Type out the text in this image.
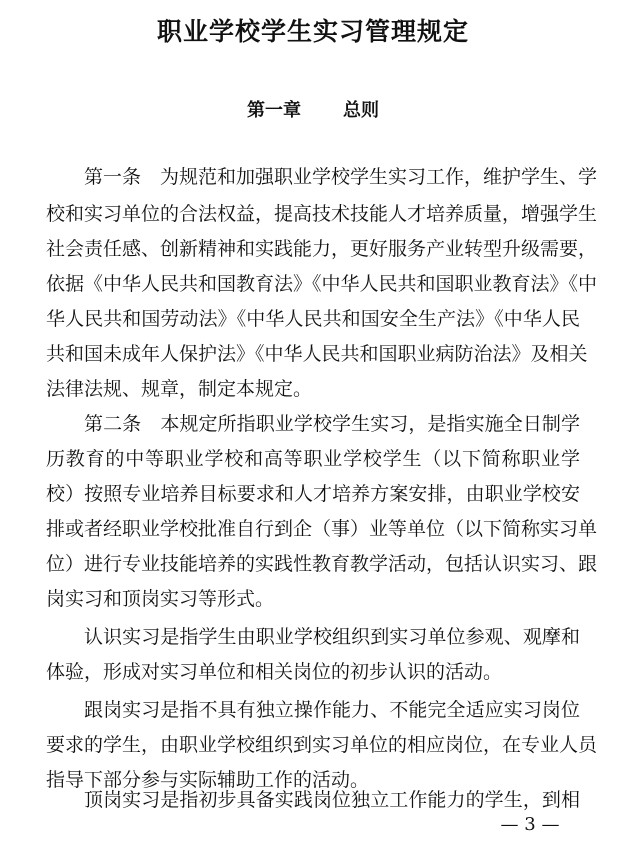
职业学校学生实习管理规定
第一章 总则
第一条　为规范和加强职业学校学生实习工作，维护学生、学
校和实习单位的合法权益，提高技术技能人才培养质量，增强学生
社会责任感、创新精神和实践能力，更好服务产业转型升级需要，
依据《中华人民共和国教育法》《中华人民共和国职业教育法》《中
华人民共和国劳动法》《中华人民共和国安全生产法》《中华人民
共和国未成年人保护法》《中华人民共和国职业病防治法》及相关
法律法规、规章，制定本规定。
第二条　本规定所指职业学校学生实习，是指实施全日制学
历教育的中等职业学校和高等职业学校学生（以下简称职业学
校）按照专业培养目标要求和人才培养方案安排，由职业学校安
排或者经职业学校批准自行到企（事）业等单位（以下简称实习单
位）进行专业技能培养的实践性教育教学活动，包括认识实习、跟
岗实习和顶岗实习等形式。
认识实习是指学生由职业学校组织到实习单位参观、观摩和
体验，形成对实习单位和相关岗位的初步认识的活动。
跟岗实习是指不具有独立操作能力、不能完全适应实习岗位
要求的学生，由职业学校组织到实习单位的相应岗位，在专业人员
指导下部分参与实际辅助工作的活动。
顶岗实习是指初步具备实践岗位独立工作能力的学生，到相
— 3 —
